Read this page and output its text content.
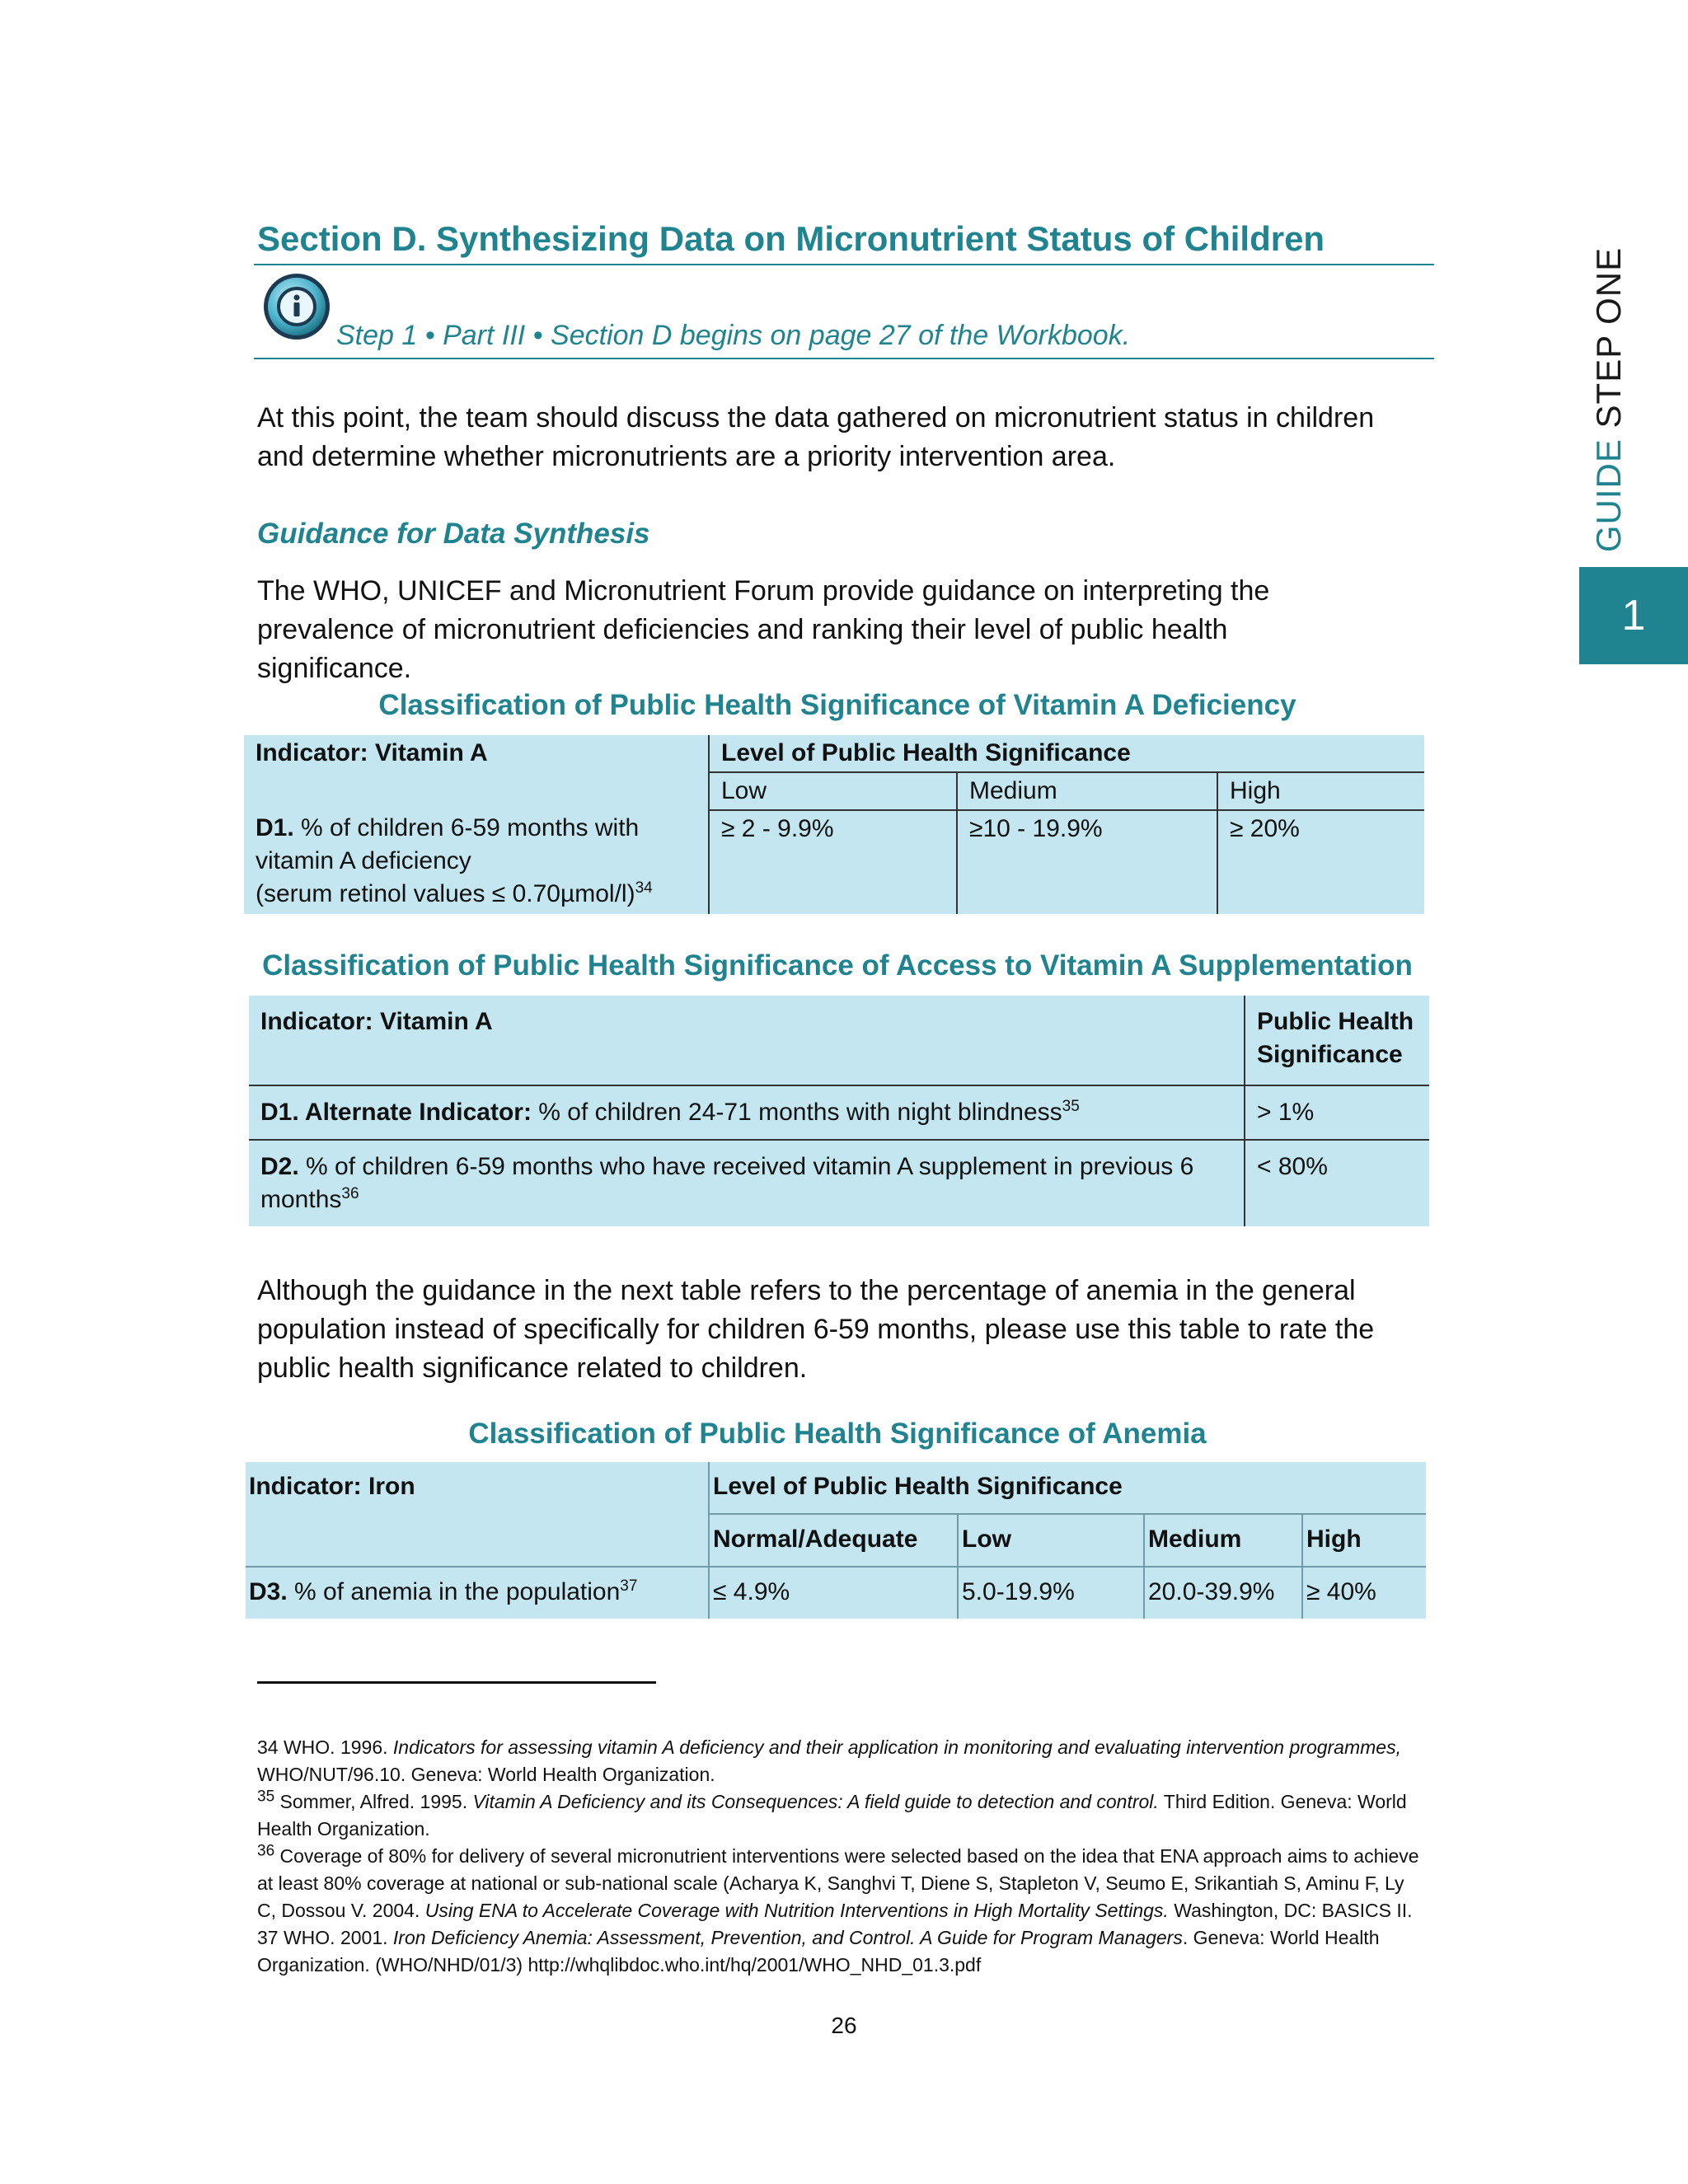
Section D. Synthesizing Data on Micronutrient Status of Children
Step 1 • Part III • Section D begins on page 27 of the Workbook.
GUIDE STEP ONE
1
At this point, the team should discuss the data gathered on micronutrient status in children and determine whether micronutrients are a priority intervention area.
Guidance for Data Synthesis
The WHO, UNICEF and Micronutrient Forum provide guidance on interpreting the prevalence of micronutrient deficiencies and ranking their level of public health significance.
Classification of Public Health Significance of Vitamin A Deficiency
Indicator: Vitamin A	Level of Public Health Significance		
	Low	Medium	High
D1. % of children 6-59 months with
vitamin A deficiency
(serum retinol values ≤ 0.70µmol/l)$^{34}$	≥ 2 - 9.9%	≥10 - 19.9%	≥ 20%
Classification of Public Health Significance of Access to Vitamin A Supplementation
Indicator: Vitamin A	Public Health Significance
D1. Alternate Indicator: % of children 24-71 months with night blindness$^{35}$	> 1%
D2. % of children 6-59 months who have received vitamin A supplement in previous 6 months$^{36}$	< 80%
Although the guidance in the next table refers to the percentage of anemia in the general population instead of specifically for children 6-59 months, please use this table to rate the public health significance related to children.
Classification of Public Health Significance of Anemia
Indicator: Iron	Level of Public Health Significance			
	Normal/Adequate	Low	Medium	High
D3. % of anemia in the population$^{37}$	≤ 4.9%	5.0-19.9%	20.0-39.9%	≥ 40%

34 WHO. 1996. Indicators for assessing vitamin A deficiency and their application in monitoring and evaluating intervention programmes, WHO/NUT/96.10. Geneva: World Health Organization.

$^{35}$ Sommer, Alfred. 1995. Vitamin A Deficiency and its Consequences: A field guide to detection and control. Third Edition. Geneva: World Health Organization.

$^{36}$ Coverage of 80% for delivery of several micronutrient interventions were selected based on the idea that ENA approach aims to achieve at least 80% coverage at national or sub-national scale (Acharya K, Sanghvi T, Diene S, Stapleton V, Seumo E, Srikantiah S, Aminu F, Ly C, Dossou V. 2004. Using ENA to Accelerate Coverage with Nutrition Interventions in High Mortality Settings. Washington, DC: BASICS II.

37 WHO. 2001. Iron Deficiency Anemia: Assessment, Prevention, and Control. A Guide for Program Managers. Geneva: World Health Organization. (WHO/NHD/01/3) http://whqlibdoc.who.int/hq/2001/WHO_NHD_01.3.pdf

26
